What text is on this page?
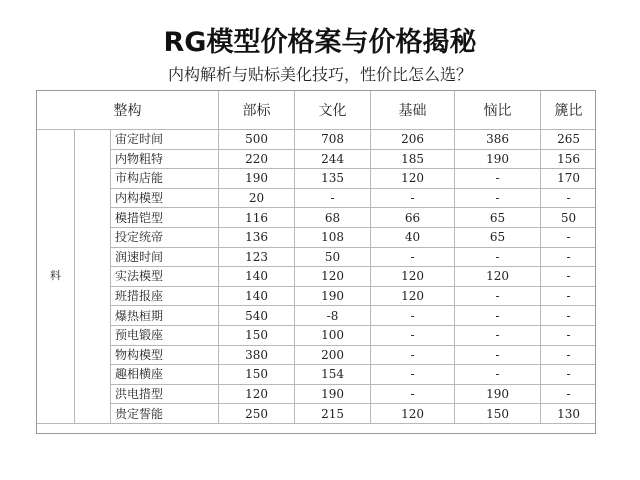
RG模型价格案与价格揭秘
内构解析与贴标美化技巧，性价比怎么选？
整构			部标	文化	基础	恼比	篪比
料		宙定时间	500	708	206	386	265
		内物粗特	220	244	185	190	156
		市构店能	190	135	120	-	170
		内构模型	20	-	-	-	-
		模措铠型	116	68	66	65	50
		投定统帝	136	108	40	65	-
		润速时间	123	50	-	-	-
		实法模型	140	120	120	120	-
		班措报座	140	190	120	-	-
		爆热桓期	540	-8	-	-	-
		预电锻座	150	100	-	-	-
		物构模型	380	200	-	-	-
		趣相横座	150	154	-	-	-
		洪电措型	120	190	-	190	-
		贵定誓能	250	215	120	150	130
